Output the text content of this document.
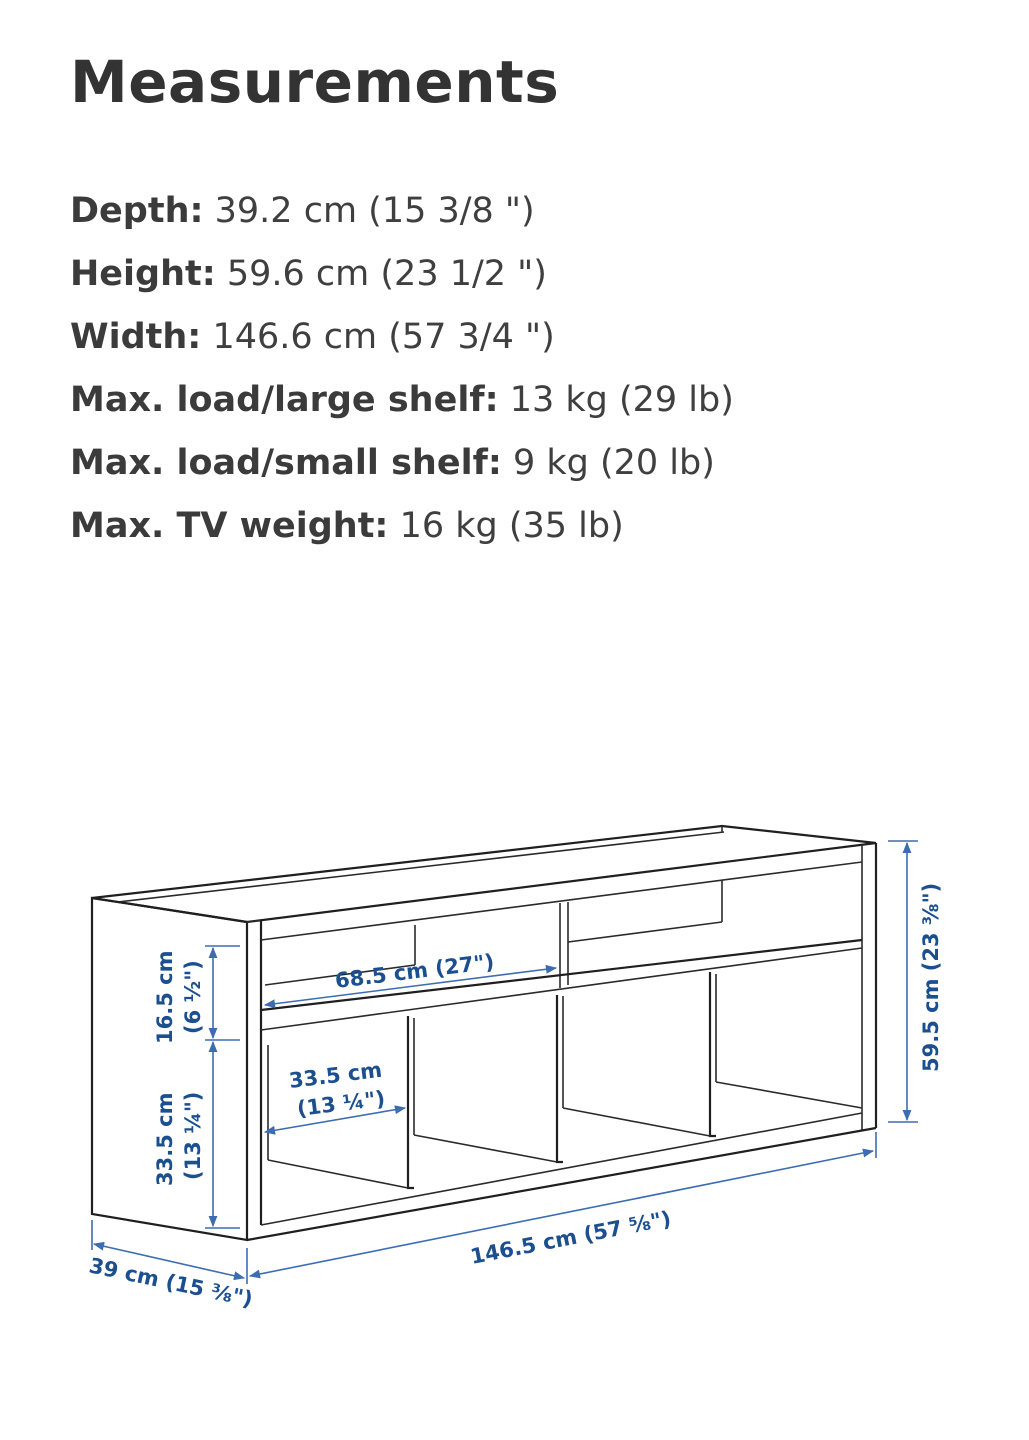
Measurements
Depth: 39.2 cm (15 3/8 ")
Height: 59.6 cm (23 1/2 ")
Width: 146.6 cm (57 3/4 ")
Max. load/large shelf: 13 kg (29 lb)
Max. load/small shelf: 9 kg (20 lb)
Max. TV weight: 16 kg (35 lb)
68.5 cm (27")
33.5 cm
(13 ¼")
16.5 cm (6 ½")
33.5 cm (13 ¼")
59.5 cm (23 ⅜")
146.5 cm (57 ⅝")
39 cm (15 ⅜")
